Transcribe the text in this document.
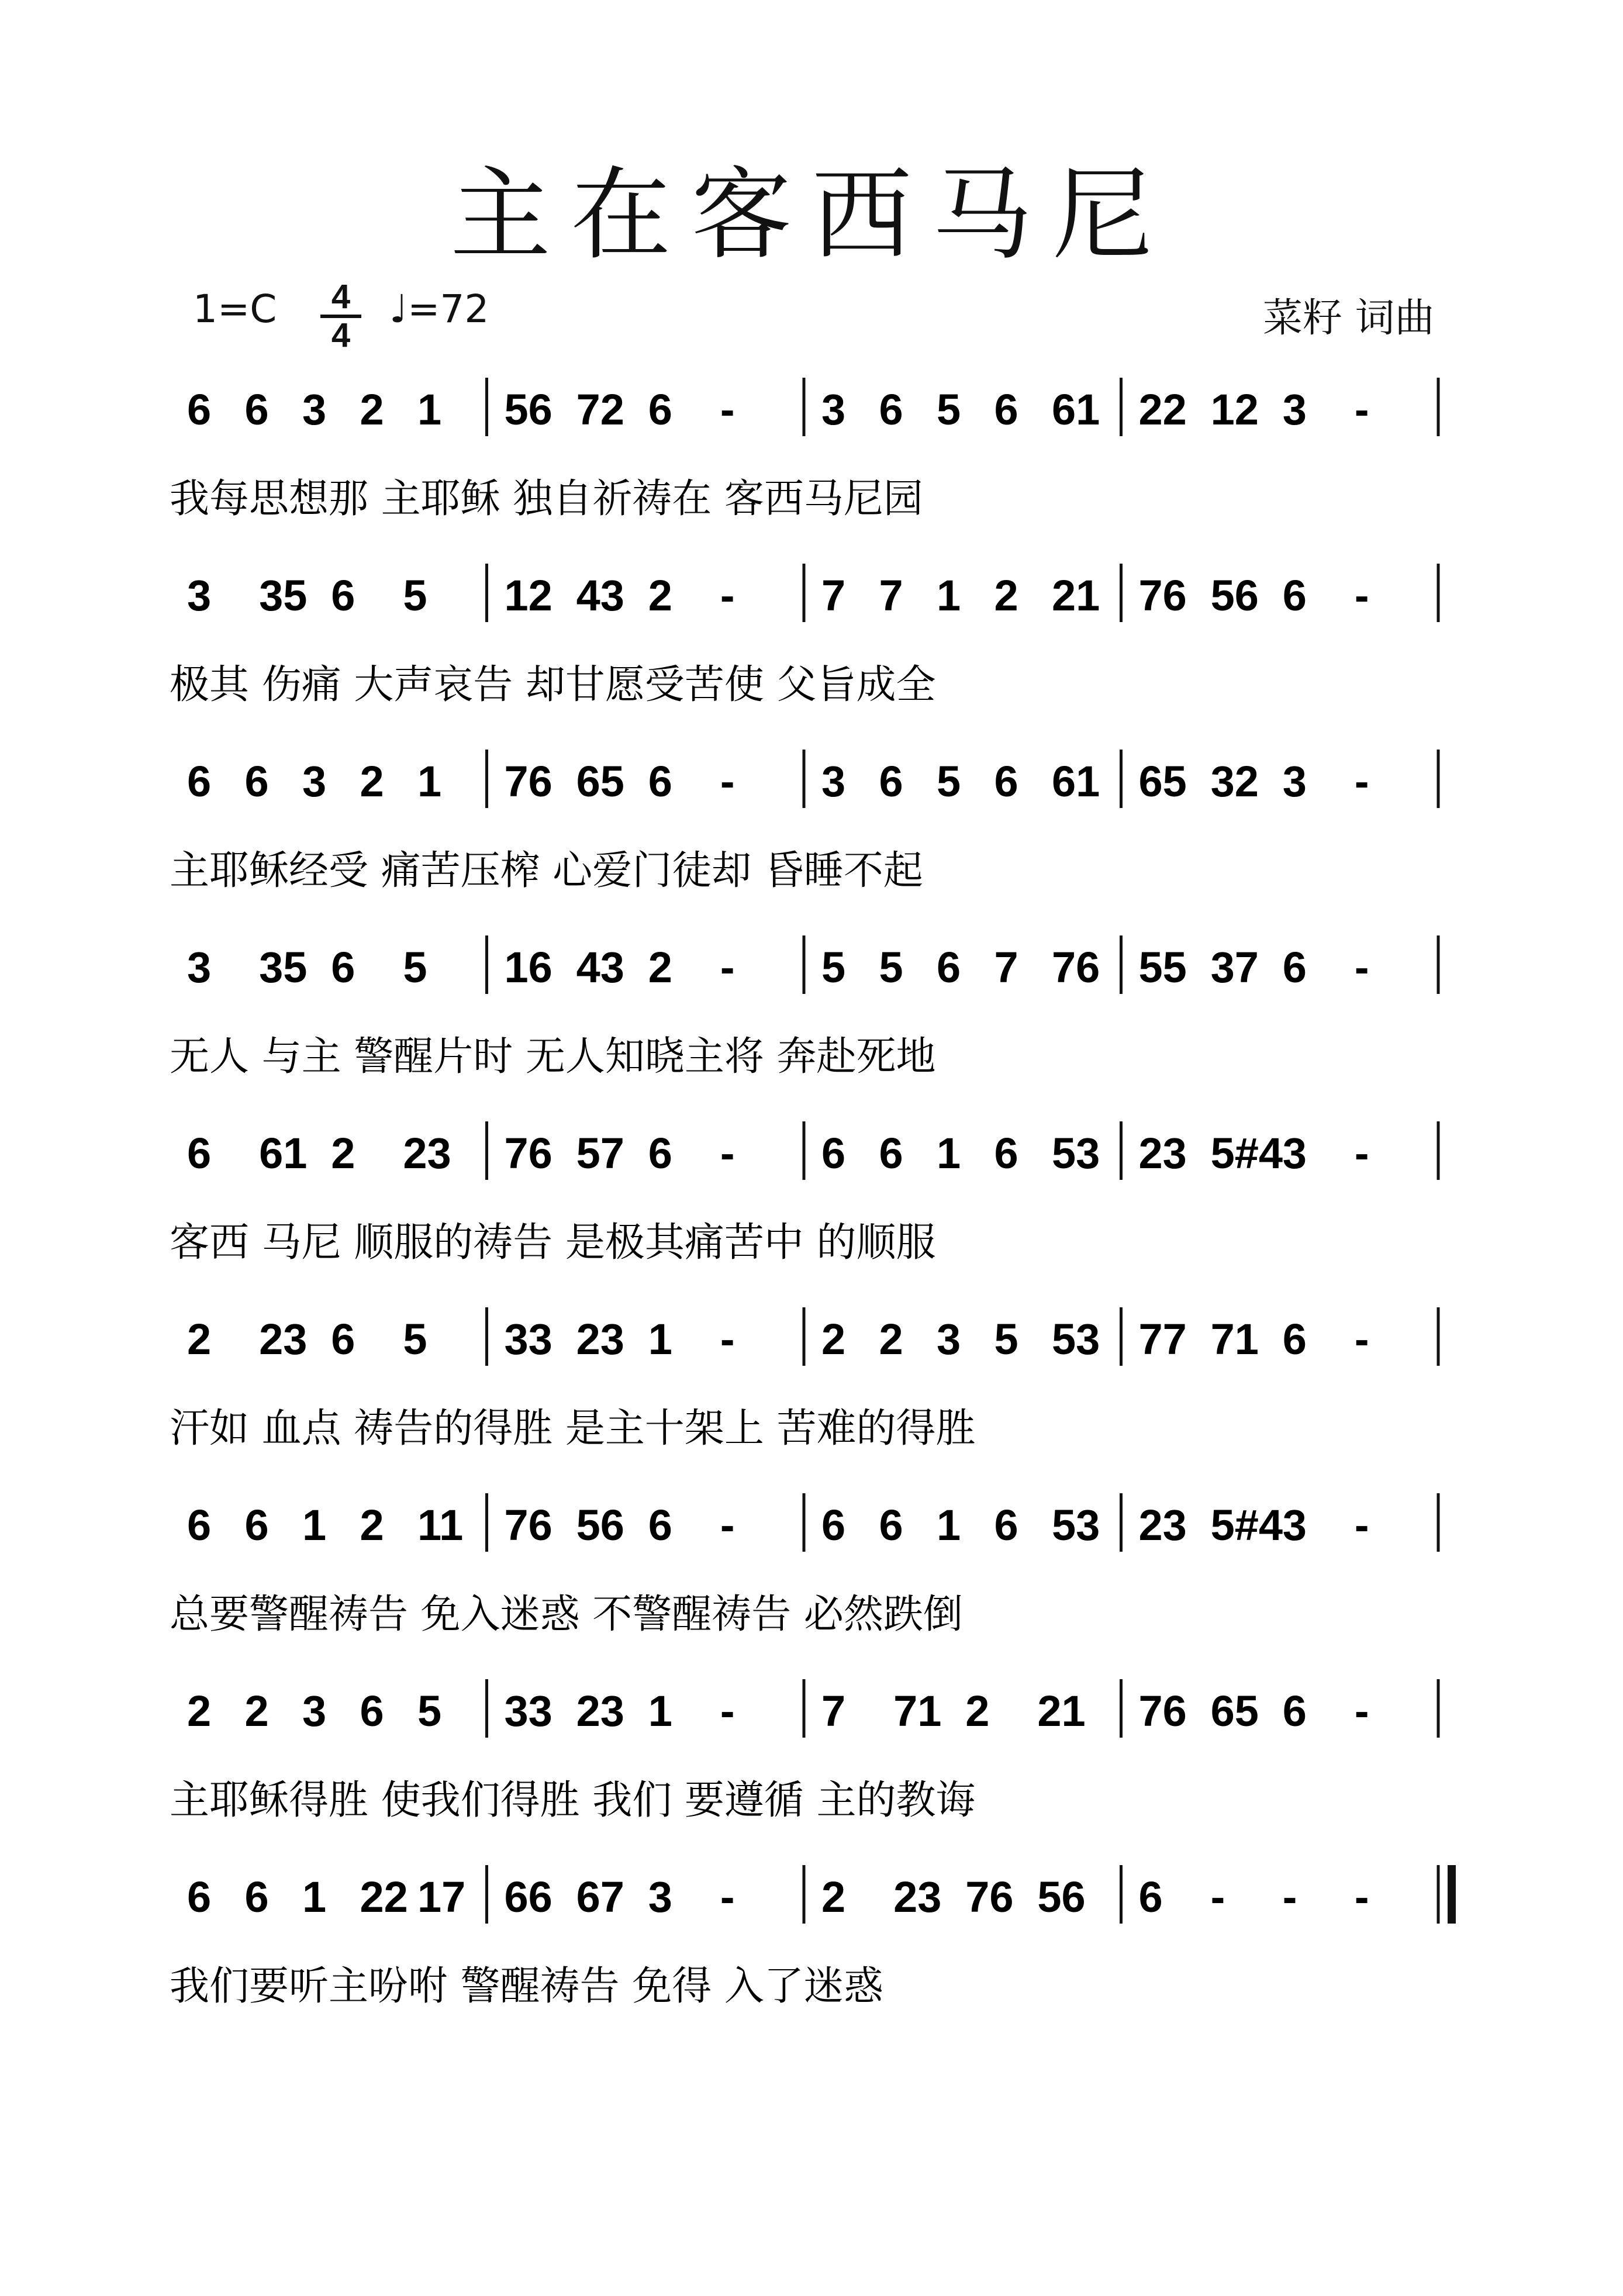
主在客西马尼
1=C	4
4
♩=72	菜籽 词曲
6 6 3 2 1 56 72 6 - 3 6 5 6 61 22 12 3 -
我每思想那 主耶稣 独自祈祷在 客西马尼园
3 35 6 5 12 43 2 - 7 7 1 2 21 76 56 6 -
极其 伤痛 大声哀告 却甘愿受苦使 父旨成全
6 6 3 2 1 76 65 6 - 3 6 5 6 61 65 32 3 -
主耶稣经受 痛苦压榨 心爱门徒却 昏睡不起
3 35 6 5 16 43 2 - 5 5 6 7 76 55 37 6 -
无人 与主 警醒片时 无人知晓主将 奔赴死地
6 61 2 23 76 57 6 - 6 6 1 6 53 23 5#4 3 -
客西 马尼 顺服的祷告 是极其痛苦中 的顺服
2 23 6 5 33 23 1 - 2 2 3 5 53 77 71 6 -
汗如 血点 祷告的得胜 是主十架上 苦难的得胜
6 6 1 2 11 76 56 6 - 6 6 1 6 53 23 5#4 3 -
总要警醒祷告 免入迷惑 不警醒祷告 必然跌倒
2 2 3 6 5 33 23 1 - 7 71 2 21 76 65 6 -
主耶稣得胜 使我们得胜 我们 要遵循 主的教诲
6 6 1 22 17 66 67 3 - 2 23 76 56 6 - - -
我们要听主吩咐 警醒祷告 免得 入了迷惑
